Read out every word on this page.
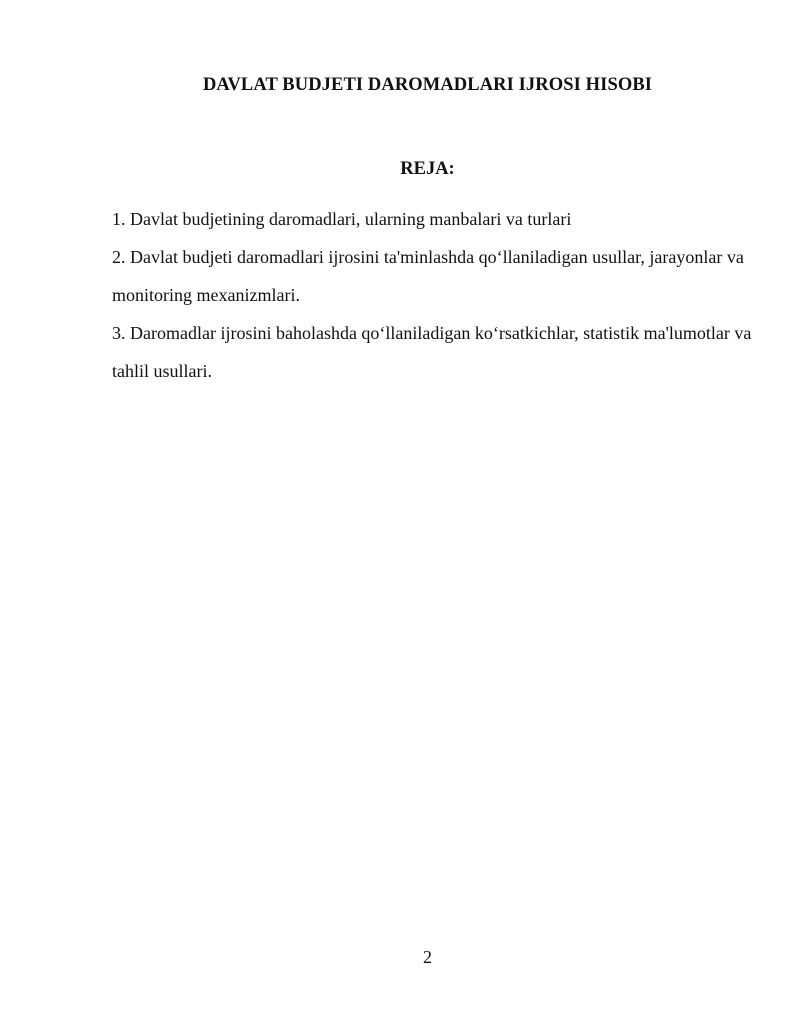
DAVLAT BUDJETI DAROMADLARI IJROSI HISOBI
REJA:
1. Davlat budjetining daromadlari, ularning manbalari va turlari
2. Davlat budjeti daromadlari ijrosini ta'minlashda qo‘llaniladigan usullar, jarayonlar va monitoring mexanizmlari.
3. Daromadlar ijrosini baholashda qo‘llaniladigan ko‘rsatkichlar, statistik ma'lumotlar va tahlil usullari.
2
